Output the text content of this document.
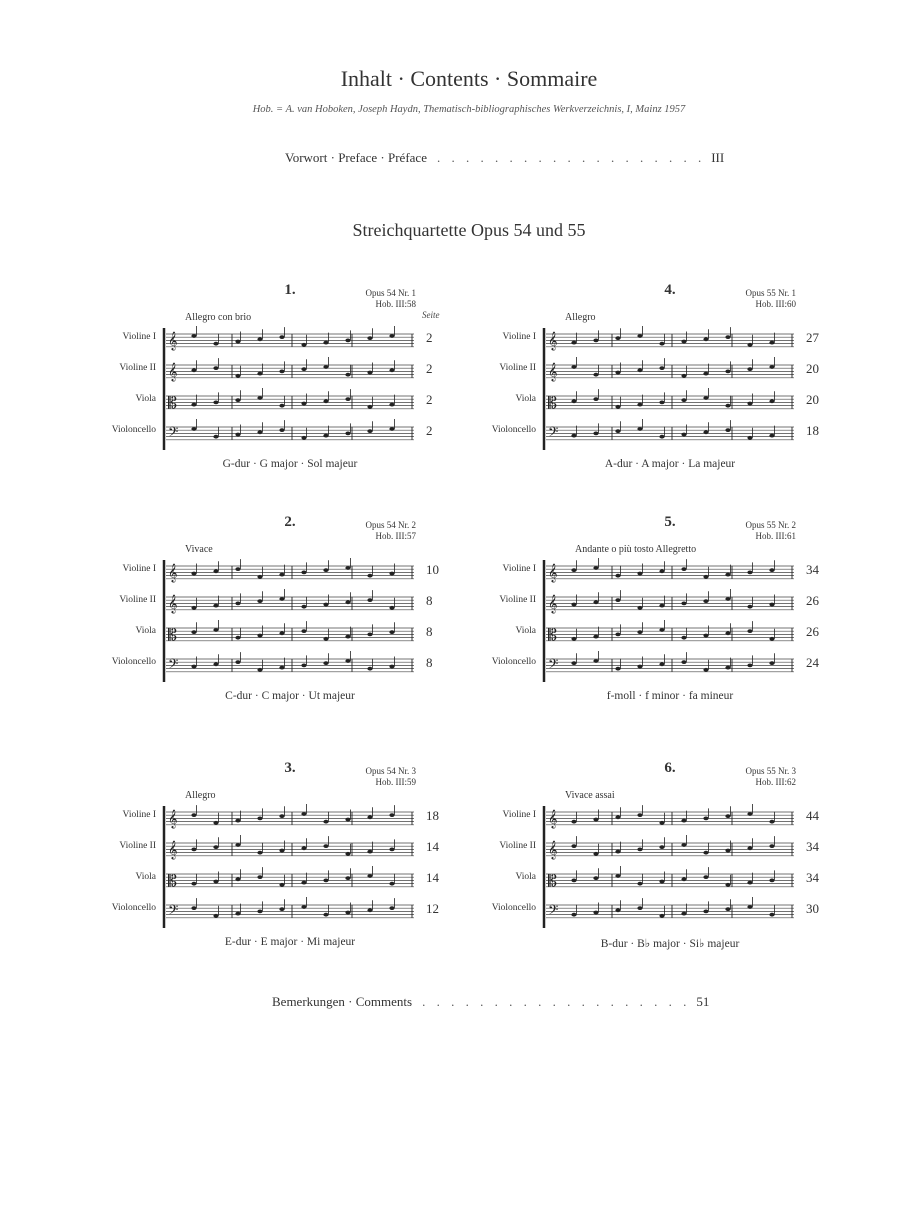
Inhalt · Contents · Sommaire
Hob. = A. van Hoboken, Joseph Haydn, Thematisch-bibliographisches Werkverzeichnis, I, Mainz 1957
Vorwort · Preface · Préface . . . . . . . . . . . . . . . . . . . III
Streichquartette Opus 54 und 55
1.	Opus 54 Nr. 1
Hob. III:58
Seite
Allegro con brio
Violine I	2
Violine II	2
Viola	2
Violoncello	2
G-dur · G major · Sol majeur
𝄞
𝄞
𝄡
𝄢
4.	Opus 55 Nr. 1
Hob. III:60
Allegro
Violine I	27
Violine II	20
Viola	20
Violoncello	18
A-dur · A major · La majeur
𝄞
𝄞
𝄡
𝄢
2.	Opus 54 Nr. 2
Hob. III:57
Vivace
Violine I	10
Violine II	8
Viola	8
Violoncello	8
C-dur · C major · Ut majeur
𝄞
𝄞
𝄡
𝄢
5.	Opus 55 Nr. 2
Hob. III:61
Andante o più tosto Allegretto
Violine I	34
Violine II	26
Viola	26
Violoncello	24
f-moll · f minor · fa mineur
𝄞
𝄞
𝄡
𝄢
3.	Opus 54 Nr. 3
Hob. III:59
Allegro
Violine I	18
Violine II	14
Viola	14
Violoncello	12
E-dur · E major · Mi majeur
𝄞
𝄞
𝄡
𝄢
6.	Opus 55 Nr. 3
Hob. III:62
Vivace assai
Violine I	44
Violine II	34
Viola	34
Violoncello	30
B-dur · B♭ major · Si♭ majeur
𝄞
𝄞
𝄡
𝄢
Bemerkungen · Comments . . . . . . . . . . . . . . . . . . . 51
